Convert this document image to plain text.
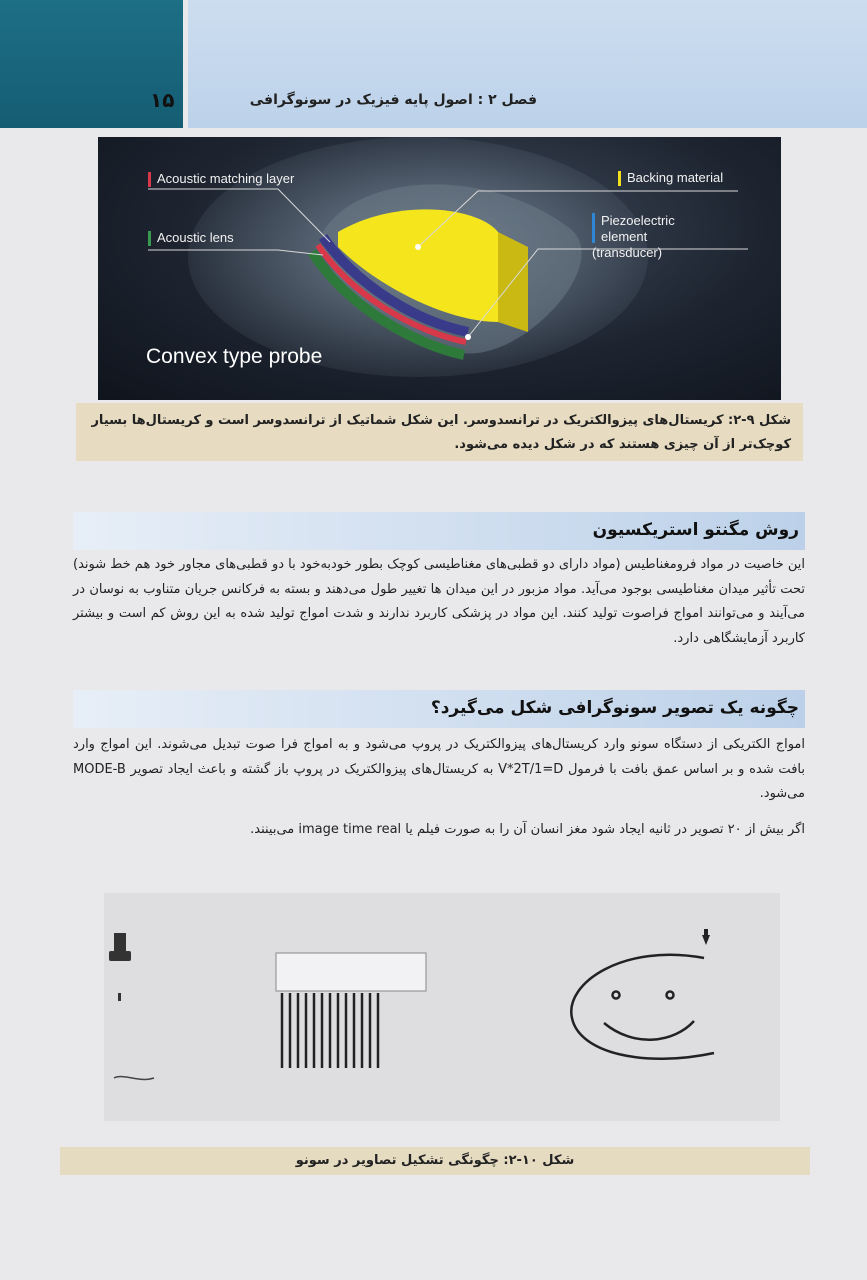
۱۵	فصل ۲ : اصول پایه فیزیک در سونوگرافی
Acoustic matching layer
Acoustic lens
Backing material
Piezoelectric element
(transducer)
Convex type probe
شکل ۹-۲: کریستال‌های پیزوالکتریک در ترانسدوسر. این شکل شماتیک از ترانسدوسر است و کریستال‌ها بسیار کوچک‌تر از آن چیزی هستند که در شکل دیده می‌شود.
روش مگنتو استریکسیون
این خاصیت در مواد فرومغناطیس (مواد دارای دو قطبی‌های مغناطیسی کوچک بطور خودبه‌خود با دو قطبی‌های مجاور خود هم خط شوند) تحت تأثیر میدان مغناطیسی بوجود می‌آید. مواد مزبور در این میدان ها تغییر طول می‌دهند و بسته به فرکانس جریان متناوب به نوسان در می‌آیند و می‌توانند امواج فراصوت تولید کنند. این مواد در پزشکی کاربرد ندارند و شدت امواج تولید شده به این روش کم است و بیشتر کاربرد آزمایشگاهی دارد.
چگونه یک تصویر سونوگرافی شکل می‌گیرد؟
امواج الکتریکی از دستگاه سونو وارد کریستال‌های پیزوالکتریک در پروپ می‌شود و به امواج فرا صوت تبدیل می‌شوند. این امواج وارد بافت شده و بر اساس عمق بافت با فرمول V*2T/1=D به کریستال‌های پیزوالکتریک در پروپ باز گشته و باعث ایجاد تصویر MODE-B می‌شود.
اگر بیش از ۲۰ تصویر در ثانیه ایجاد شود مغز انسان آن را به صورت فیلم یا image time real می‌بینند.
شکل ۱۰-۲: چگونگی تشکیل تصاویر در سونو
